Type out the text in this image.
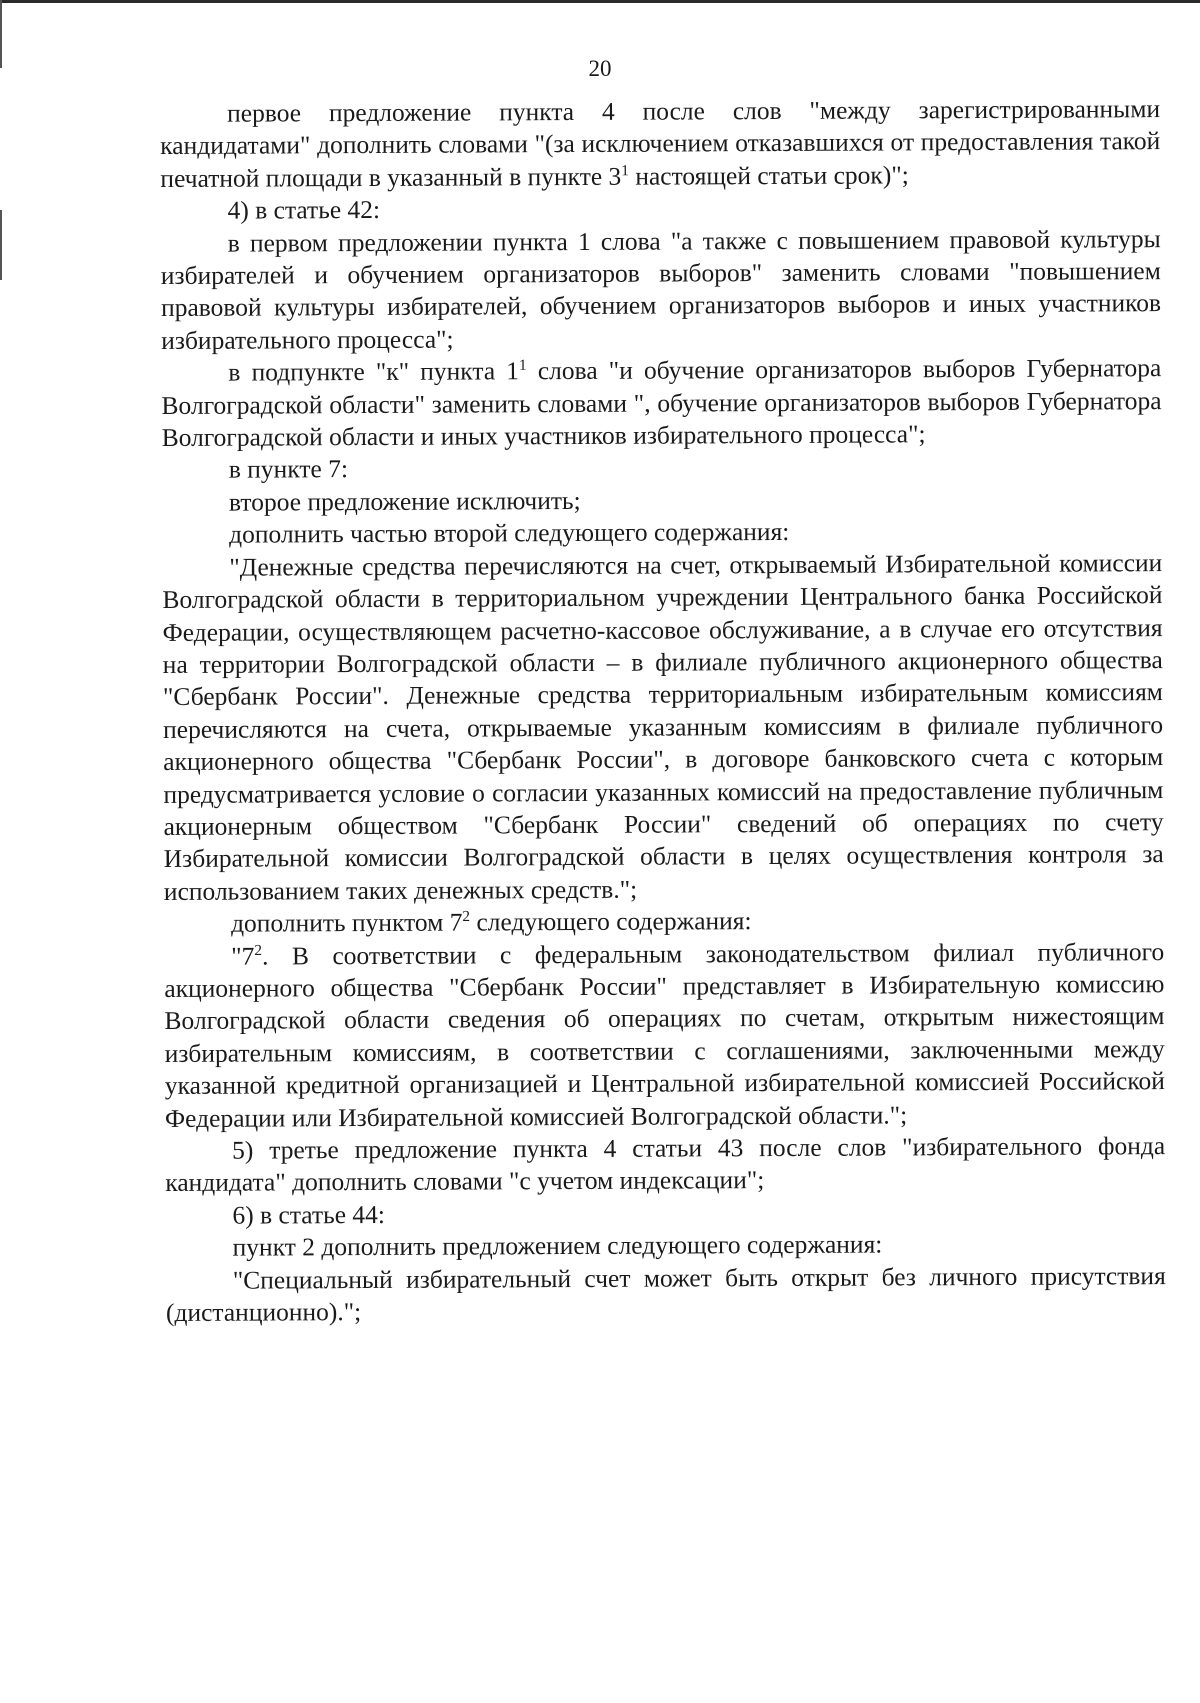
20

первое предложение пункта 4 после слов "между зарегистрированными кандидатами" дополнить словами "(за исключением отказавшихся от предоставления такой печатной площади в указанный в пункте $3^1$ настоящей статьи срок)";

4) в статье 42:

в первом предложении пункта 1 слова "а также с повышением правовой культуры избирателей и обучением организаторов выборов" заменить словами "повышением правовой культуры избирателей, обучением организаторов выборов и иных участников избирательного процесса";

в подпункте "к" пункта $1^1$ слова "и обучение организаторов выборов Губернатора Волгоградской области" заменить словами ", обучение организаторов выборов Губернатора Волгоградской области и иных участников избирательного процесса";

в пункте 7:

второе предложение исключить;

дополнить частью второй следующего содержания:

"Денежные средства перечисляются на счет, открываемый Избирательной комиссии Волгоградской области в территориальном учреждении Центрального банка Российской Федерации, осуществляющем расчетно-кассовое обслуживание, а в случае его отсутствия на территории Волгоградской области – в филиале публичного акционерного общества "Сбербанк России". Денежные средства территориальным избирательным комиссиям перечисляются на счета, открываемые указанным комиссиям в филиале публичного акционерного общества "Сбербанк России", в договоре банковского счета с которым предусматривается условие о согласии указанных комиссий на предоставление публичным акционерным обществом "Сбербанк России" сведений об операциях по счету Избирательной комиссии Волгоградской области в целях осуществления контроля за использованием таких денежных средств.";

дополнить пунктом $7^2$ следующего содержания:

"$7^2$. В соответствии с федеральным законодательством филиал публичного акционерного общества "Сбербанк России" представляет в Избирательную комиссию Волгоградской области сведения об операциях по счетам, открытым нижестоящим избирательным комиссиям, в соответствии с соглашениями, заключенными между указанной кредитной организацией и Центральной избирательной комиссией Российской Федерации или Избирательной комиссией Волгоградской области.";

5) третье предложение пункта 4 статьи 43 после слов "избирательного фонда кандидата" дополнить словами "с учетом индексации";

6) в статье 44:

пункт 2 дополнить предложением следующего содержания:

"Специальный избирательный счет может быть открыт без личного присутствия (дистанционно).";
